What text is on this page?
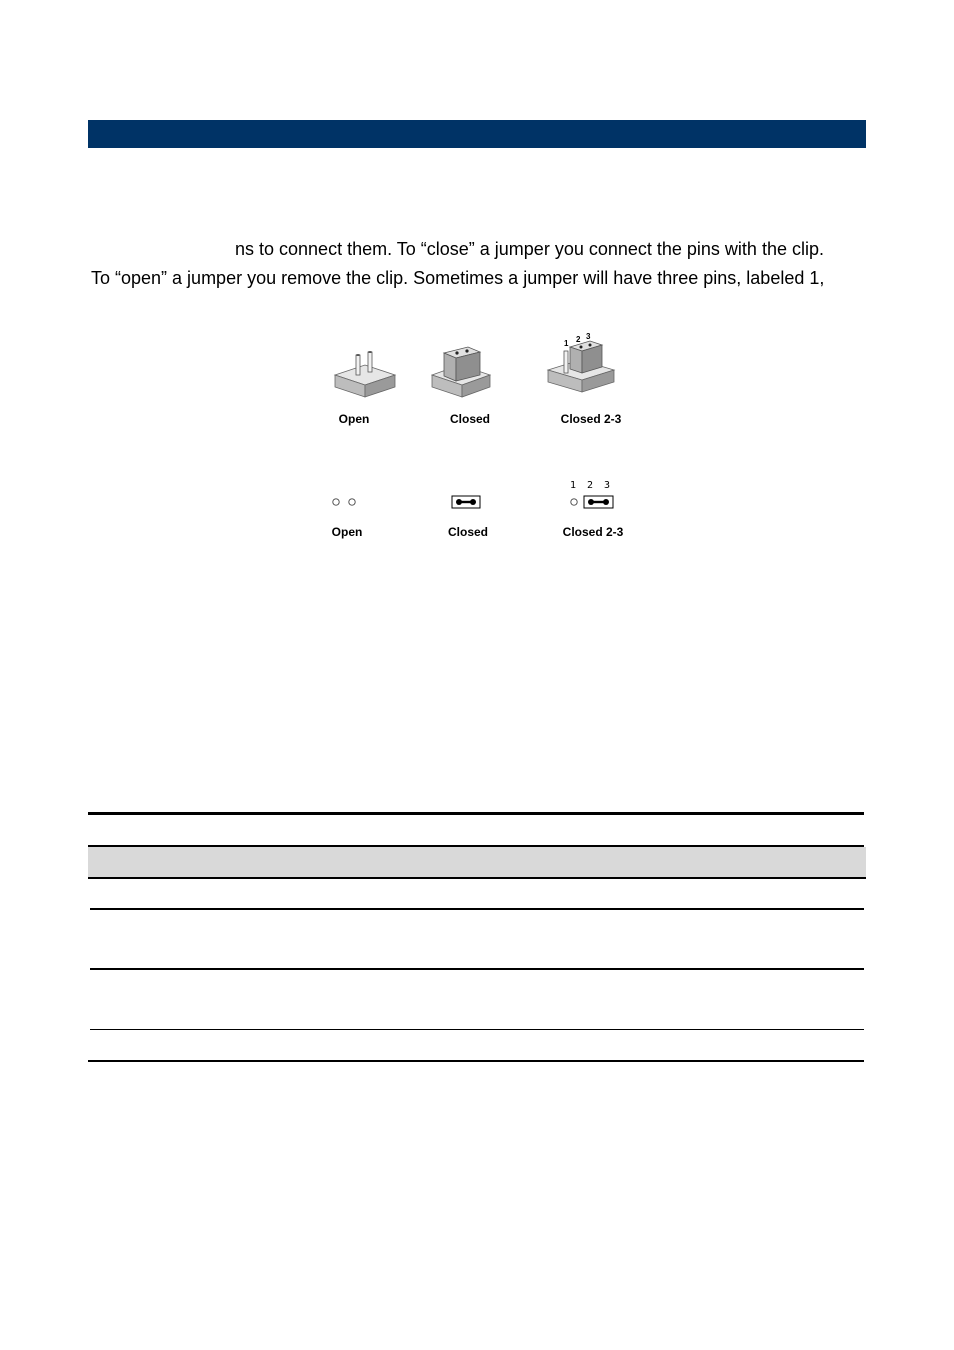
ns to connect them. To “close” a jumper you connect the pins with the clip.
To “open” a jumper you remove the clip. Sometimes a jumper will have three pins, labeled 1,
1 2 3
Open	Closed	Closed 2-3
1 2 3
Open	Closed	Closed 2-3
